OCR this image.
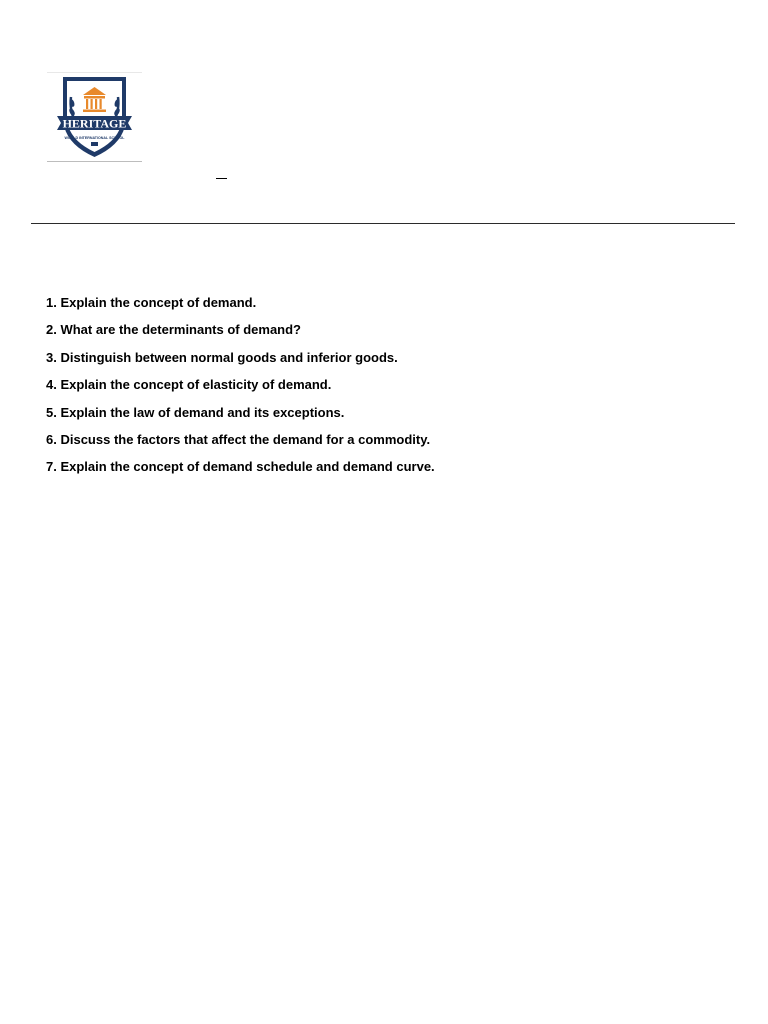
HERITAGE
WORLD INTERNATIONAL SCHOOL
1. Explain the concept of demand.
2. What are the determinants of demand?
3. Distinguish between normal goods and inferior goods.
4. Explain the concept of elasticity of demand.
5. Explain the law of demand and its exceptions.
6. Discuss the factors that affect the demand for a commodity.
7. Explain the concept of demand schedule and demand curve.
